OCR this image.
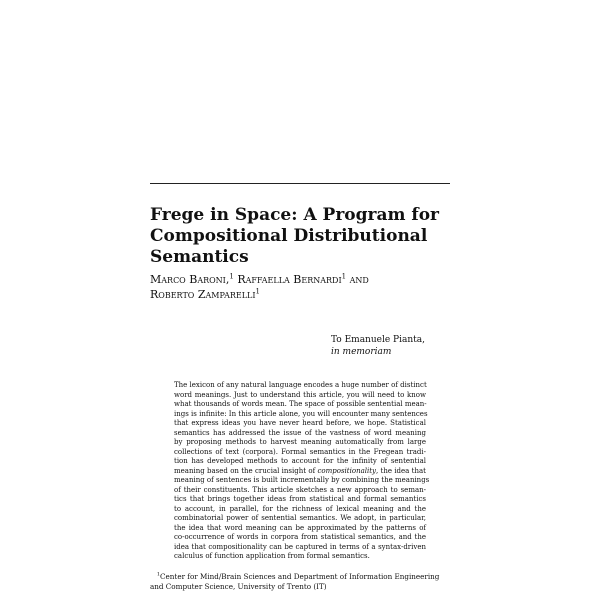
Frege in Space: A Program for
Compositional Distributional
Semantics
Marco Baroni,$^1$ Raffaella Bernardi$^1$ and
Roberto Zamparelli$^1$
To Emanuele Pianta,
in memoriam
The lexicon of any natural language encodes a huge number of distinct
word meanings. Just to understand this article, you will need to know
what thousands of words mean. The space of possible sentential mean-
ings is infinite: In this article alone, you will encounter many sentences
that express ideas you have never heard before, we hope. Statistical
semantics has addressed the issue of the vastness of word meaning
by proposing methods to harvest meaning automatically from large
collections of text (corpora). Formal semantics in the Fregean tradi-
tion has developed methods to account for the infinity of sentential
meaning based on the crucial insight of compositionality, the idea that
meaning of sentences is built incrementally by combining the meanings
of their constituents. This article sketches a new approach to seman-
tics that brings together ideas from statistical and formal semantics
to account, in parallel, for the richness of lexical meaning and the
combinatorial power of sentential semantics. We adopt, in particular,
the idea that word meaning can be approximated by the patterns of
co-occurrence of words in corpora from statistical semantics, and the
idea that compositionality can be captured in terms of a syntax-driven
calculus of function application from formal semantics.
$^1$Center for Mind/Brain Sciences and Department of Information Engineering
and Computer Science, University of Trento (IT)
